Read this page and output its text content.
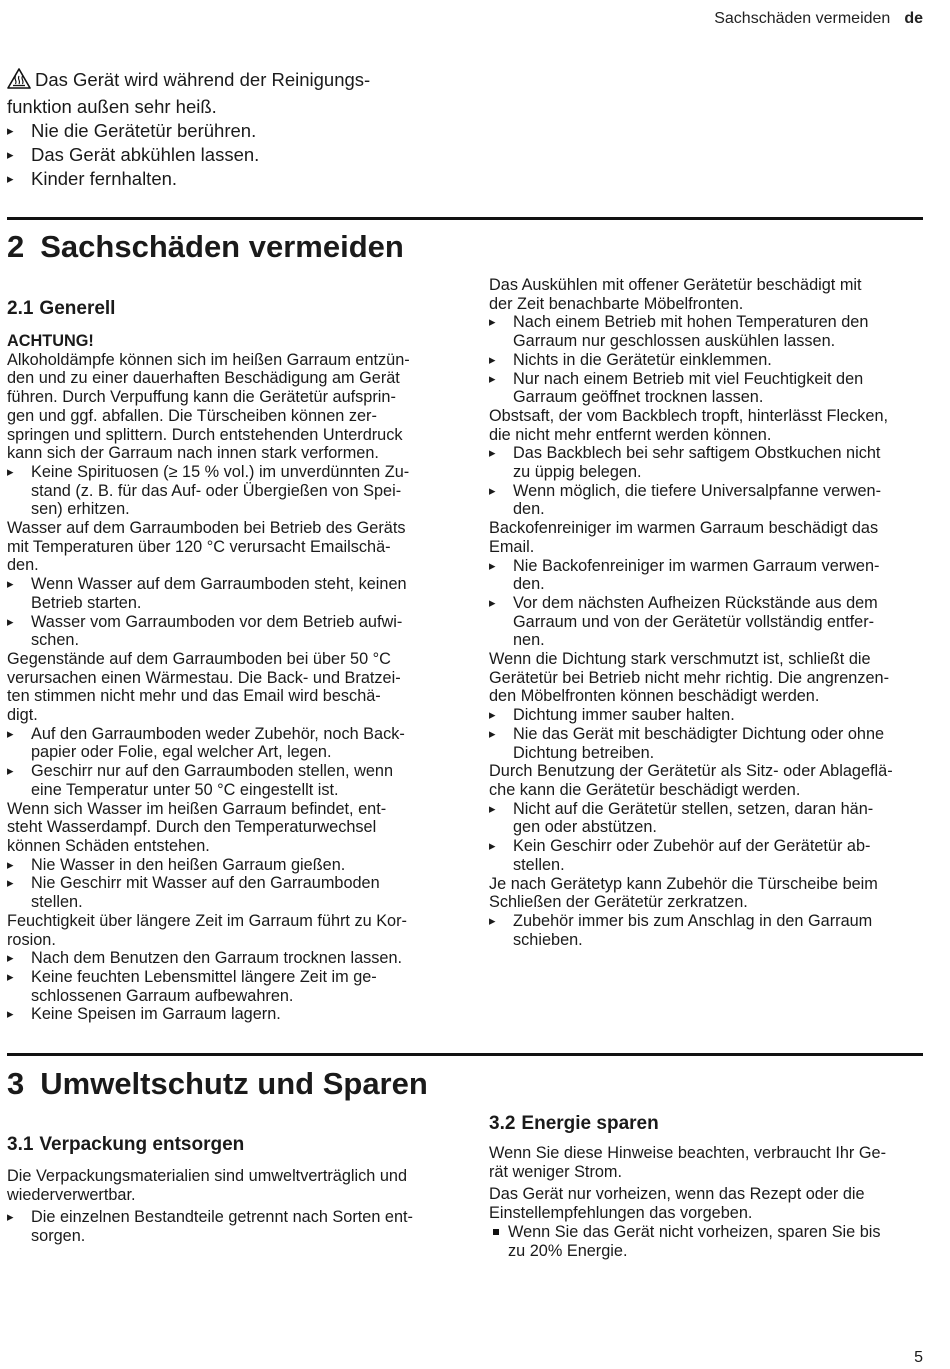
Sachschäden vermeiden de
Das Gerät wird während der Reinigungs-
funktion außen sehr heiß.
▸ Nie die Gerätetür berühren.
▸ Das Gerät abkühlen lassen.
▸ Kinder fernhalten.
2 Sachschäden vermeiden
2.1 Generell

ACHTUNG!

Alkoholdämpfe können sich im heißen Garraum entzün-

den und zu einer dauerhaften Beschädigung am Gerät

führen. Durch Verpuffung kann die Gerätetür aufsprin-

gen und ggf. abfallen. Die Türscheiben können zer-

springen und splittern. Durch entstehenden Unterdruck

kann sich der Garraum nach innen stark verformen.

▸ Keine Spirituosen (≥ 15 % vol.) im unverdünnten Zu-

stand (z. B. für das Auf- oder Übergießen von Spei-

sen) erhitzen.

Wasser auf dem Garraumboden bei Betrieb des Geräts

mit Temperaturen über 120 °C verursacht Emailschä-

den.

▸ Wenn Wasser auf dem Garraumboden steht, keinen

Betrieb starten.

▸ Wasser vom Garraumboden vor dem Betrieb aufwi-

schen.

Gegenstände auf dem Garraumboden bei über 50 °C

verursachen einen Wärmestau. Die Back- und Bratzei-

ten stimmen nicht mehr und das Email wird beschä-

digt.

▸ Auf den Garraumboden weder Zubehör, noch Back-

papier oder Folie, egal welcher Art, legen.

▸ Geschirr nur auf den Garraumboden stellen, wenn

eine Temperatur unter 50 °C eingestellt ist.

Wenn sich Wasser im heißen Garraum befindet, ent-

steht Wasserdampf. Durch den Temperaturwechsel

können Schäden entstehen.

▸ Nie Wasser in den heißen Garraum gießen.

▸ Nie Geschirr mit Wasser auf den Garraumboden

stellen.

Feuchtigkeit über längere Zeit im Garraum führt zu Kor-

rosion.

▸ Nach dem Benutzen den Garraum trocknen lassen.

▸ Keine feuchten Lebensmittel längere Zeit im ge-

schlossenen Garraum aufbewahren.

▸ Keine Speisen im Garraum lagern.

Das Auskühlen mit offener Gerätetür beschädigt mit

der Zeit benachbarte Möbelfronten.

▸ Nach einem Betrieb mit hohen Temperaturen den

Garraum nur geschlossen auskühlen lassen.

▸ Nichts in die Gerätetür einklemmen.

▸ Nur nach einem Betrieb mit viel Feuchtigkeit den

Garraum geöffnet trocknen lassen.

Obstsaft, der vom Backblech tropft, hinterlässt Flecken,

die nicht mehr entfernt werden können.

▸ Das Backblech bei sehr saftigem Obstkuchen nicht

zu üppig belegen.

▸ Wenn möglich, die tiefere Universalpfanne verwen-

den.

Backofenreiniger im warmen Garraum beschädigt das

Email.

▸ Nie Backofenreiniger im warmen Garraum verwen-

den.

▸ Vor dem nächsten Aufheizen Rückstände aus dem

Garraum und von der Gerätetür vollständig entfer-

nen.

Wenn die Dichtung stark verschmutzt ist, schließt die

Gerätetür bei Betrieb nicht mehr richtig. Die angrenzen-

den Möbelfronten können beschädigt werden.

▸ Dichtung immer sauber halten.

▸ Nie das Gerät mit beschädigter Dichtung oder ohne

Dichtung betreiben.

Durch Benutzung der Gerätetür als Sitz- oder Ablageflä-

che kann die Gerätetür beschädigt werden.

▸ Nicht auf die Gerätetür stellen, setzen, daran hän-

gen oder abstützen.

▸ Kein Geschirr oder Zubehör auf der Gerätetür ab-

stellen.

Je nach Gerätetyp kann Zubehör die Türscheibe beim

Schließen der Gerätetür zerkratzen.

▸ Zubehör immer bis zum Anschlag in den Garraum

schieben.

3 Umweltschutz und Sparen
3.1 Verpackung entsorgen

Die Verpackungsmaterialien sind umweltverträglich und

wiederverwertbar.

▸ Die einzelnen Bestandteile getrennt nach Sorten ent-

sorgen.

3.2 Energie sparen

Wenn Sie diese Hinweise beachten, verbraucht Ihr Ge-

rät weniger Strom.

Das Gerät nur vorheizen, wenn das Rezept oder die

Einstellempfehlungen das vorgeben.

Wenn Sie das Gerät nicht vorheizen, sparen Sie bis

zu 20% Energie.

5
